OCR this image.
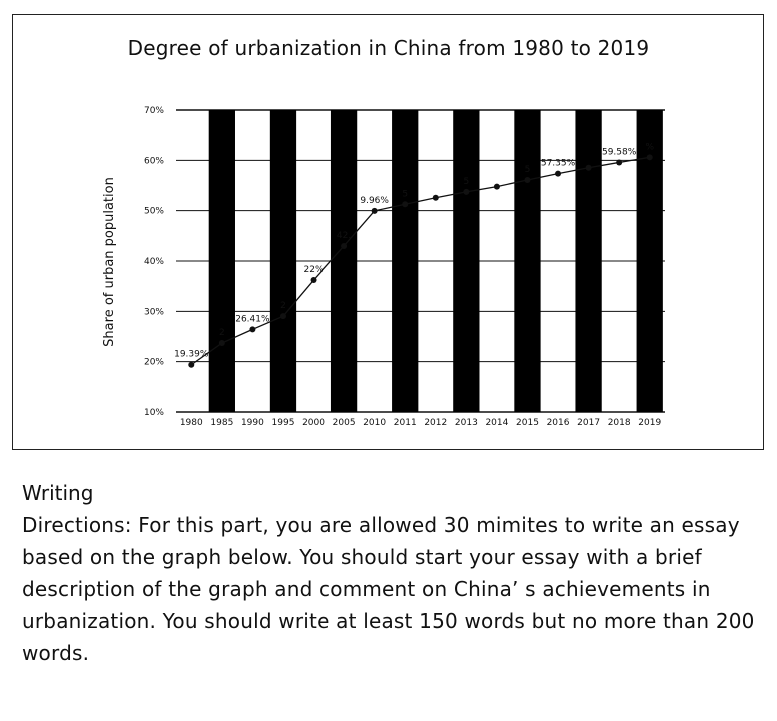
Degree of urbanization in China from 1980 to 2019
19.39%
2
26.41%
2
22%
42.
9.96%
5
5
5
57.35%
59.58%
%
10%
20%
30%
40%
50%
60%
70%
1980 1985 1990 1995 2000 2005 2010 2011 2012 2013 2014 2015 2016 2017 2018 2019
Share of urban population
Writing

Directions: For this part, you are allowed 30 mimites to write an essay based on the graph below. You should start your essay with a brief description of the graph and comment on China’ s achievements in urbanization. You should write at least 150 words but no more than 200 words.
